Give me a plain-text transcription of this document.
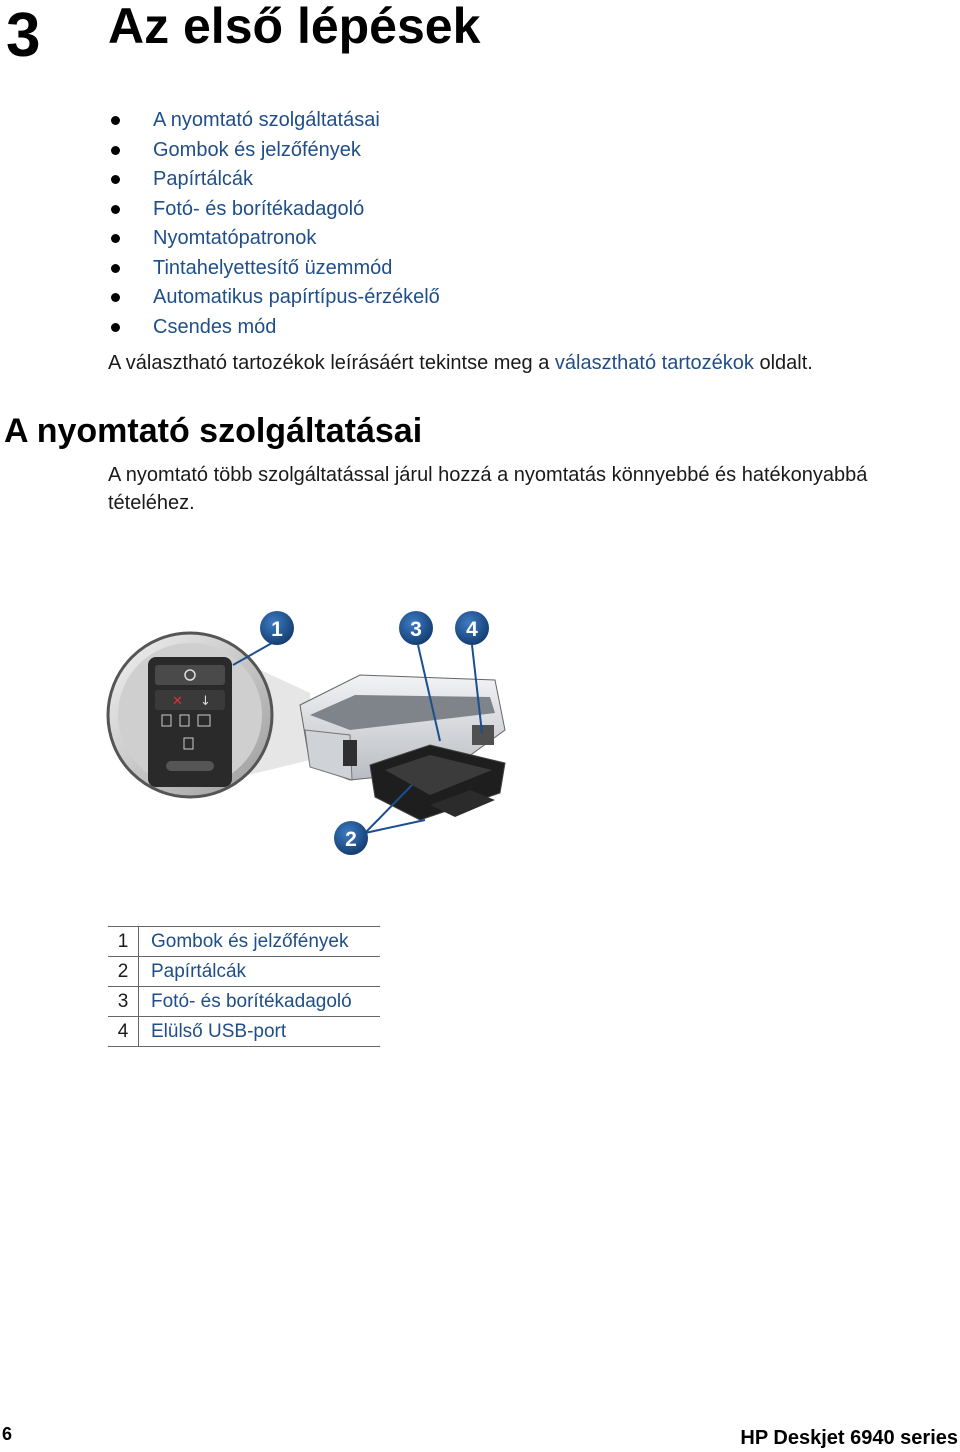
3 Az első lépések
A nyomtató szolgáltatásai
Gombok és jelzőfények
Papírtálcák
Fotó- és borítékadagoló
Nyomtatópatronok
Tintahelyettesítő üzemmód
Automatikus papírtípus-érzékelő
Csendes mód
A választható tartozékok leírásáért tekintse meg a választható tartozékok oldalt.
A nyomtató szolgáltatásai
A nyomtató több szolgáltatással járul hozzá a nyomtatás könnyebbé és hatékonyabbá tételéhez.
✕ ↓
1	3 4
2
1	Gombok és jelzőfények
2	Papírtálcák
3	Fotó- és borítékadagoló
4	Elülső USB-port
6	HP Deskjet 6940 series
